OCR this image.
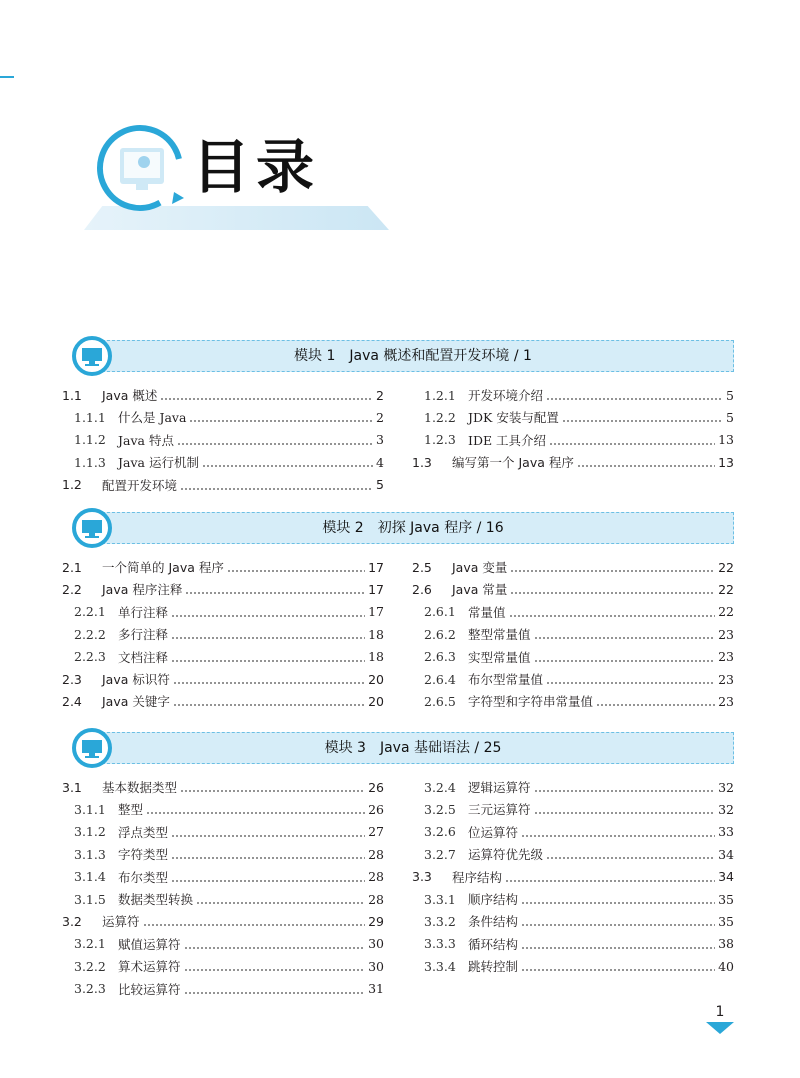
目录
模块 1　Java 概述和配置开发环境 / 1
1.1	Java 概述	2
1.1.1 什么是 Java	2
1.1.2 Java 特点	3
1.1.3 Java 运行机制	4
1.2	配置开发环境	5
1.2.1 开发环境介绍	5
1.2.2 JDK 安装与配置	5
1.2.3 IDE 工具介绍	13
1.3	编写第一个 Java 程序	13
模块 2　初探 Java 程序 / 16
2.1	一个简单的 Java 程序	17
2.2	Java 程序注释	17
2.2.1 单行注释	17
2.2.2 多行注释	18
2.2.3 文档注释	18
2.3	Java 标识符	20
2.4	Java 关键字	20
2.5	Java 变量	22
2.6	Java 常量	22
2.6.1 常量值	22
2.6.2 整型常量值	23
2.6.3 实型常量值	23
2.6.4 布尔型常量值	23
2.6.5 字符型和字符串常量值	23
模块 3　Java 基础语法 / 25
3.1	基本数据类型	26
3.1.1 整型	26
3.1.2 浮点类型	27
3.1.3 字符类型	28
3.1.4 布尔类型	28
3.1.5 数据类型转换	28
3.2	运算符	29
3.2.1 赋值运算符	30
3.2.2 算术运算符	30
3.2.3 比较运算符	31
3.2.4 逻辑运算符	32
3.2.5 三元运算符	32
3.2.6 位运算符	33
3.2.7 运算符优先级	34
3.3	程序结构	34
3.3.1 顺序结构	35
3.3.2 条件结构	35
3.3.3 循环结构	38
3.3.4 跳转控制	40
1
